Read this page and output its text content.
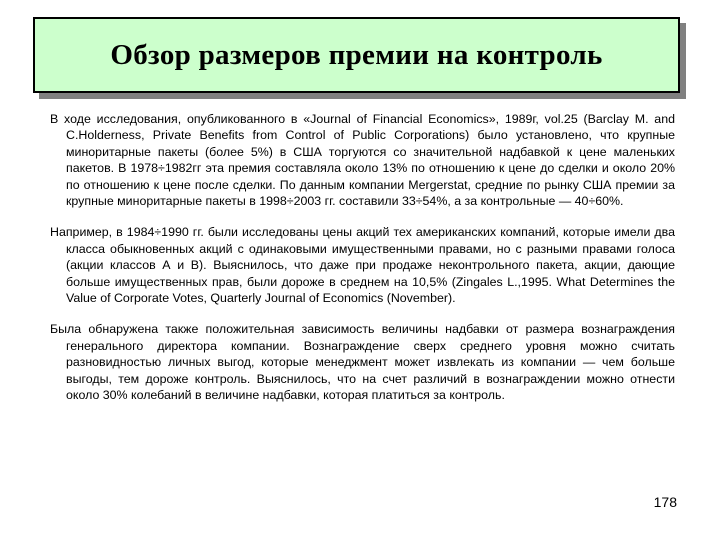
Обзор размеров премии на контроль

В ходе исследования, опубликованного в «Journal of Financial Economics», 1989г, vol.25 (Barclay M. and C.Holderness, Private Benefits from Control of Public Corporations) было установлено, что крупные миноритарные пакеты (более 5%) в США торгуются со значительной надбавкой к цене маленьких пакетов. В 1978÷1982гг эта премия составляла около 13% по отношению к цене до сделки и около 20% по отношению к цене после сделки. По данным компании Mergerstat, средние по рынку США премии за крупные миноритарные пакеты в 1998÷2003 гг. составили 33÷54%, а за контрольные — 40÷60%.

Например, в 1984÷1990 гг. были исследованы цены акций тех американских компаний, которые имели два класса обыкновенных акций с одинаковыми имущественными правами, но с разными правами голоса (акции классов А и В). Выяснилось, что даже при продаже неконтрольного пакета, акции, дающие больше имущественных прав, были дороже в среднем на 10,5% (Zingales L.,1995. What Determines the Value of Corporate Votes, Quarterly Journal of Economics (November).

Была обнаружена также положительная зависимость величины надбавки от размера вознаграждения генерального директора компании. Вознаграждение сверх среднего уровня можно считать разновидностью личных выгод, которые менеджмент может извлекать из компании — чем больше выгоды, тем дороже контроль. Выяснилось, что на счет различий в вознаграждении можно отнести около 30% колебаний в величине надбавки, которая платиться за контроль.

178
